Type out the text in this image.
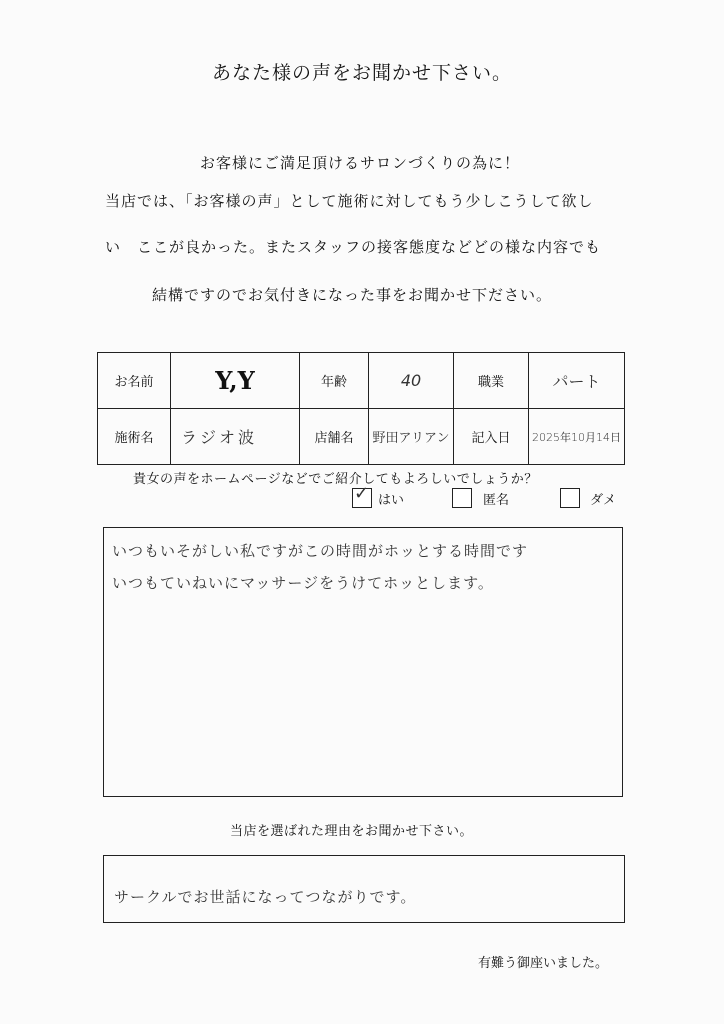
あなた様の声をお聞かせ下さい。
お客様にご満足頂けるサロンづくりの為に！
当店では、「お客様の声」として施術に対してもう少しこうして欲し
い　ここが良かった。またスタッフの接客態度などどの様な内容でも
結構ですのでお気付きになった事をお聞かせ下ださい。
お名前	Y,Y	年齢	40	職業	パート
施術名	ラジオ波	店舗名	野田アリアン	記入日	2025年10月14日
貴女の声をホームページなどでご紹介してもよろしいでしょうか？
✓ はい	匿名	ダメ
いつもいそがしい私ですがこの時間がホッとする時間です
いつもていねいにマッサージをうけてホッとします。
当店を選ばれた理由をお聞かせ下さい。
サークルでお世話になってつながりです。
有難う御座いました。
